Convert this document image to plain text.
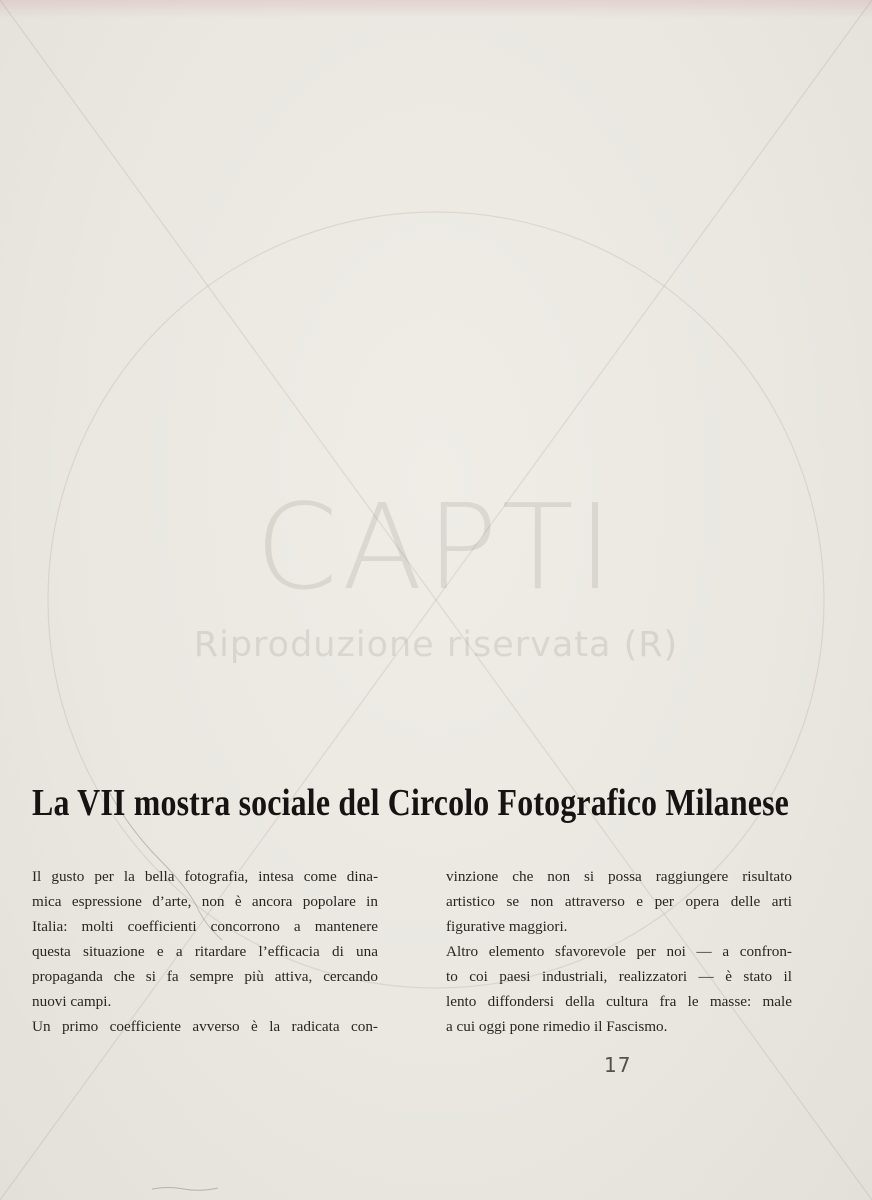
CAPTI
Riproduzione riservata (R)
La VII mostra sociale del Circolo Fotografico Milanese
Il gusto per la bella fotografia, intesa come dina-
mica espressione d’arte, non è ancora popolare in
Italia: molti coefficienti concorrono a mantenere
questa situazione e a ritardare l’efficacia di una
propaganda che si fa sempre più attiva, cercando
nuovi campi.
Un primo coefficiente avverso è la radicata con-
vinzione che non si possa raggiungere risultato
artistico se non attraverso e per opera delle arti
figurative maggiori.
Altro elemento sfavorevole per noi — a confron-
to coi paesi industriali, realizzatori — è stato il
lento diffondersi della cultura fra le masse: male
a cui oggi pone rimedio il Fascismo.
17
